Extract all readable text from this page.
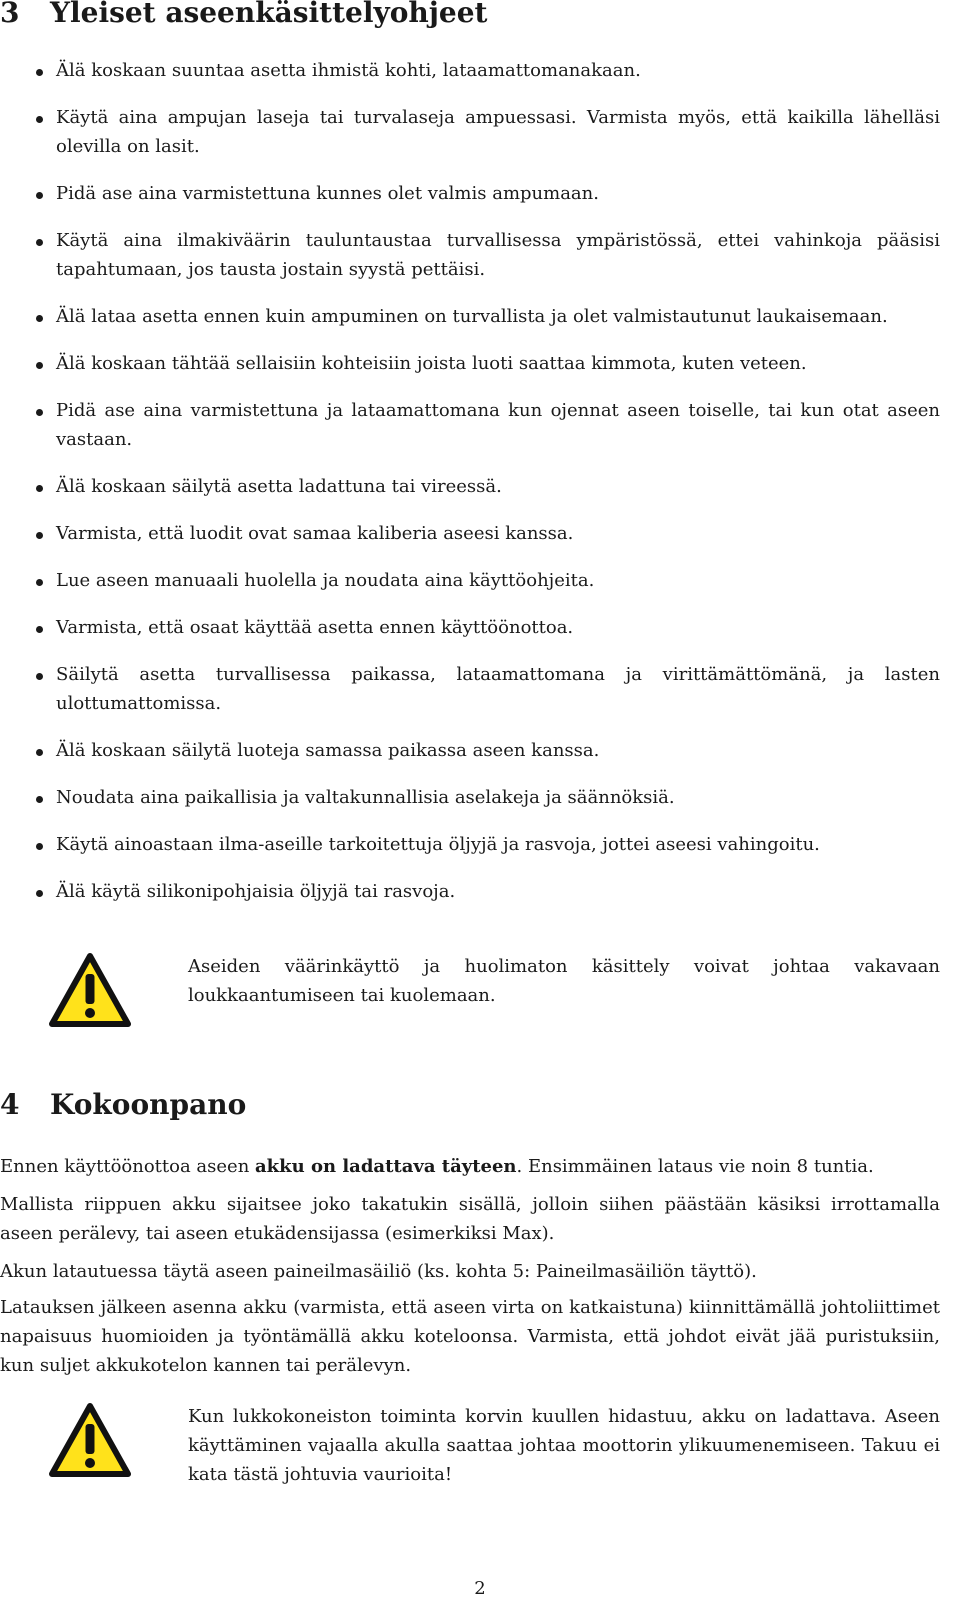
3 Yleiset aseenkäsittelyohjeet
Älä koskaan suuntaa asetta ihmistä kohti, lataamattomanakaan.
Käytä aina ampujan laseja tai turvalaseja ampuessasi. Varmista myös, että kaikilla lähelläsi olevilla on lasit.
Pidä ase aina varmistettuna kunnes olet valmis ampumaan.
Käytä aina ilmakiväärin tauluntaustaa turvallisessa ympäristössä, ettei vahinkoja pääsisi tapahtumaan, jos tausta jostain syystä pettäisi.
Älä lataa asetta ennen kuin ampuminen on turvallista ja olet valmistautunut laukaisemaan.
Älä koskaan tähtää sellaisiin kohteisiin joista luoti saattaa kimmota, kuten veteen.
Pidä ase aina varmistettuna ja lataamattomana kun ojennat aseen toiselle, tai kun otat aseen vastaan.
Älä koskaan säilytä asetta ladattuna tai vireessä.
Varmista, että luodit ovat samaa kaliberia aseesi kanssa.
Lue aseen manuaali huolella ja noudata aina käyttöohjeita.
Varmista, että osaat käyttää asetta ennen käyttöönottoa.
Säilytä asetta turvallisessa paikassa, lataamattomana ja virittämättömänä, ja lasten ulottumattomissa.
Älä koskaan säilytä luoteja samassa paikassa aseen kanssa.
Noudata aina paikallisia ja valtakunnallisia aselakeja ja säännöksiä.
Käytä ainoastaan ilma-aseille tarkoitettuja öljyjä ja rasvoja, jottei aseesi vahingoitu.
Älä käytä silikonipohjaisia öljyjä tai rasvoja.

Aseiden väärinkäyttö ja huolimaton käsittely voivat johtaa vakavaan loukkaantumiseen tai kuolemaan.

4 Kokoonpano

Ennen käyttöönottoa aseen akku on ladattava täyteen. Ensimmäinen lataus vie noin 8 tuntia.

Mallista riippuen akku sijaitsee joko takatukin sisällä, jolloin siihen päästään käsiksi irrottamalla aseen perälevy, tai aseen etukädensijassa (esimerkiksi Max).

Akun latautuessa täytä aseen paineilmasäiliö (ks. kohta 5: Paineilmasäiliön täyttö).

Latauksen jälkeen asenna akku (varmista, että aseen virta on katkaistuna) kiinnittämällä johtoliittimet napaisuus huomioiden ja työntämällä akku koteloonsa. Varmista, että johdot eivät jää puristuksiin, kun suljet akkukotelon kannen tai perälevyn.

Kun lukkokoneiston toiminta korvin kuullen hidastuu, akku on ladattava. Aseen käyttäminen vajaalla akulla saattaa johtaa moottorin ylikuumenemiseen. Takuu ei kata tästä johtuvia vaurioita!

2
